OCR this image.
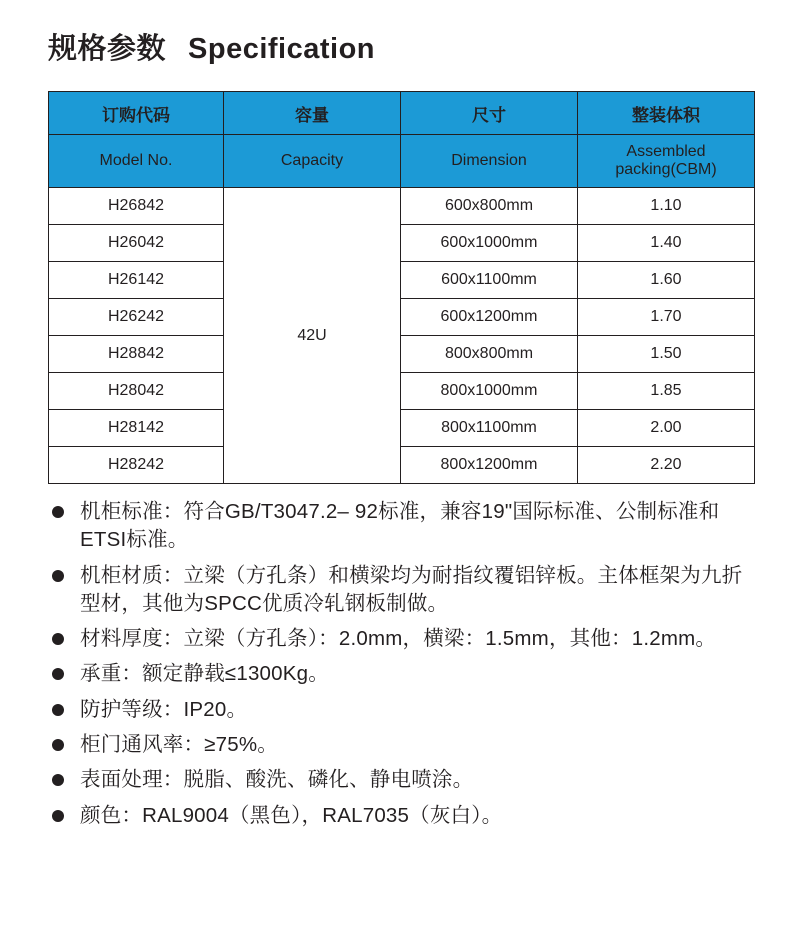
规格参数 Specification
订购代码	容量	尺寸	整装体积
Model No.	Capacity	Dimension	Assembled
packing(CBM)

H26842	42U	600x800mm	1.10
H26042		600x1000mm	1.40
H26142		600x1100mm	1.60
H26242		600x1200mm	1.70
H28842		800x800mm	1.50
H28042		800x1000mm	1.85
H28142		800x1100mm	2.00
H28242		800x1200mm	2.20
机柜标准：符合GB/T3047.2– 92标准，兼容19"国际标准、公制标准和ETSI标准。
机柜材质：立梁（方孔条）和横梁均为耐指纹覆铝锌板。主体框架为九折型材，其他为SPCC优质冷轧钢板制做。
材料厚度：立梁（方孔条）：2.0mm，横梁：1.5mm，其他：1.2mm。
承重：额定静载≤1300Kg。
防护等级：IP20。
柜门通风率：≥75%。
表面处理：脱脂、酸洗、磷化、静电喷涂。
颜色：RAL9004（黑色），RAL7035（灰白）。
